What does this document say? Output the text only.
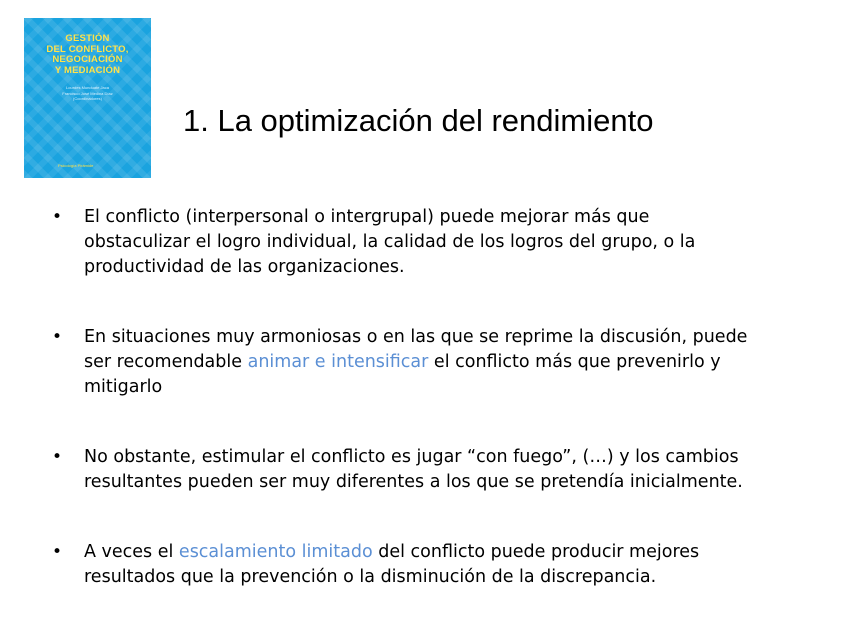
GESTIÓN
DEL CONFLICTO,
NEGOCIACIÓN
Y MEDIACIÓN
Lourdes Munduate Jaca
Francisco José Medina Díaz
(Coordinadores)
Psicología Pirámide
1. La optimización del rendimiento
•	El conflicto (interpersonal o intergrupal) puede mejorar más que
obstaculizar el logro individual, la calidad de los logros del grupo, o la
productividad de las organizaciones.
•	En situaciones muy armoniosas o en las que se reprime la discusión, puede
ser recomendable animar e intensificar el conflicto más que prevenirlo y
mitigarlo
•	No obstante, estimular el conflicto es jugar “con fuego”, (…) y los cambios
resultantes pueden ser muy diferentes a los que se pretendía inicialmente.
•	A veces el escalamiento limitado del conflicto puede producir mejores
resultados que la prevención o la disminución de la discrepancia.
